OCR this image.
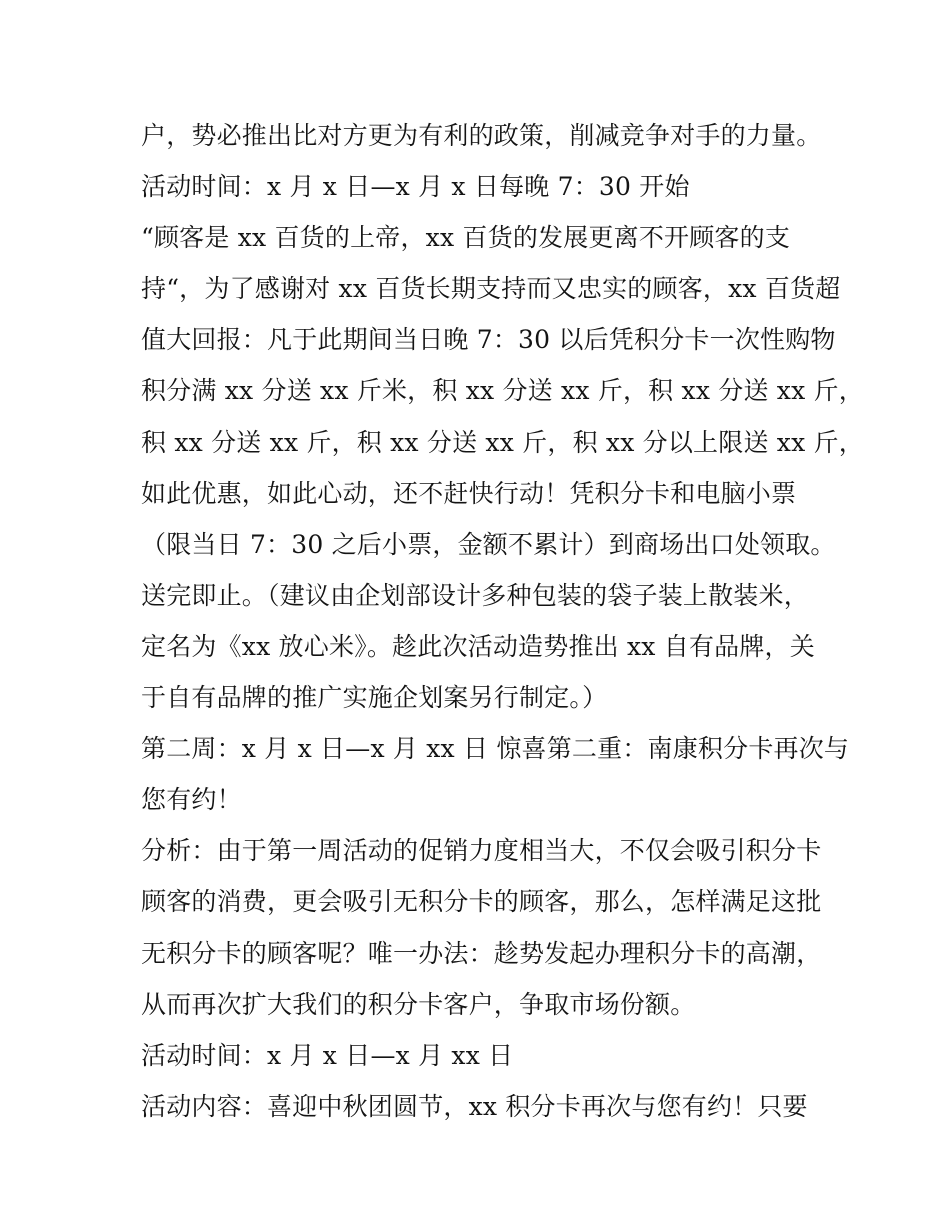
户，势必推出比对方更为有利的政策，削减竞争对手的力量。
活动时间：x 月 x 日—x 月 x 日每晚 7：30 开始
“顾客是 xx 百货的上帝，xx 百货的发展更离不开顾客的支
持“，为了感谢对 xx 百货长期支持而又忠实的顾客，xx 百货超
值大回报：凡于此期间当日晚 7：30 以后凭积分卡一次性购物
积分满 xx 分送 xx 斤米，积 xx 分送 xx 斤，积 xx 分送 xx 斤，
积 xx 分送 xx 斤，积 xx 分送 xx 斤，积 xx 分以上限送 xx 斤，
如此优惠，如此心动，还不赶快行动！凭积分卡和电脑小票
（限当日 7：30 之后小票，金额不累计）到商场出口处领取。
送完即止。（建议由企划部设计多种包装的袋子装上散装米，
定名为《xx 放心米》。趁此次活动造势推出 xx 自有品牌，关
于自有品牌的推广实施企划案另行制定。）
第二周：x 月 x 日—x 月 xx 日 惊喜第二重：南康积分卡再次与
您有约！
分析：由于第一周活动的促销力度相当大，不仅会吸引积分卡
顾客的消费，更会吸引无积分卡的顾客，那么，怎样满足这批
无积分卡的顾客呢？唯一办法：趁势发起办理积分卡的高潮，
从而再次扩大我们的积分卡客户，争取市场份额。
活动时间：x 月 x 日—x 月 xx 日
活动内容：喜迎中秋团圆节，xx 积分卡再次与您有约！只要
